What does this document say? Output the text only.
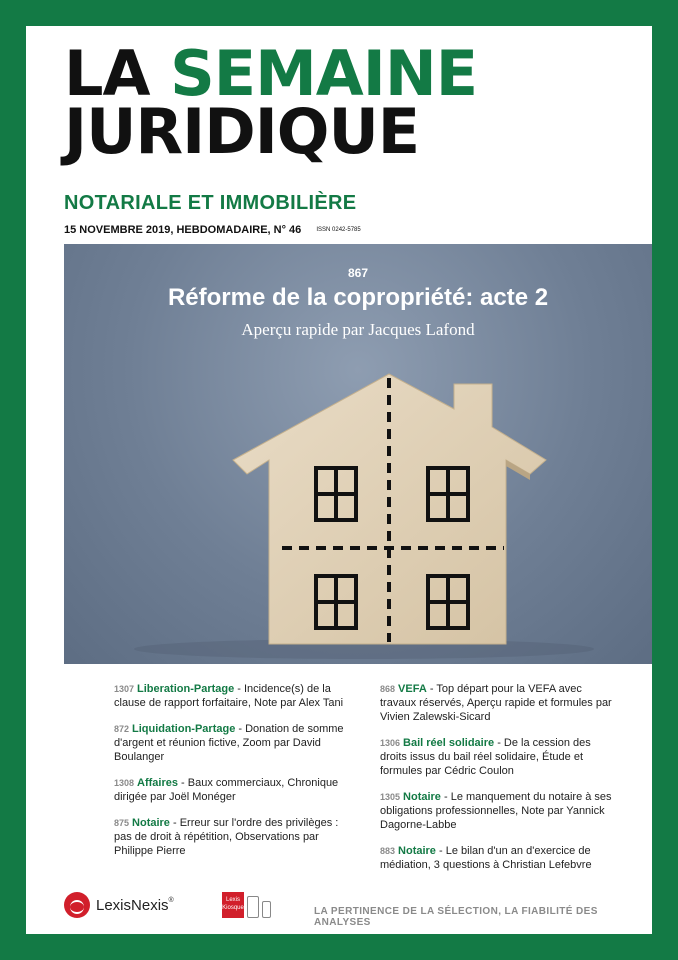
LA SEMAINE
JURIDIQUE
NOTARIALE ET IMMOBILIÈRE
15 NOVEMBRE 2019, HEBDOMADAIRE, N° 46	ISSN 0242-5785
867
Réforme de la copropriété: acte 2
Aperçu rapide par Jacques Lafond
1307 Liberation-Partage - Incidence(s) de la clause de rapport forfaitaire, Note par Alex Tani
872 Liquidation-Partage - Donation de somme d'argent et réunion fictive, Zoom par David Boulanger
1308 Affaires - Baux commerciaux, Chronique dirigée par Joël Monéger
875 Notaire - Erreur sur l'ordre des privilèges : pas de droit à répétition, Observations par Philippe Pierre
868 VEFA - Top départ pour la VEFA avec travaux réservés, Aperçu rapide et formules par Vivien Zalewski-Sicard
1306 Bail réel solidaire - De la cession des droits issus du bail réel solidaire, Étude et formules par Cédric Coulon
1305 Notaire - Le manquement du notaire à ses obligations professionnelles, Note par Yannick Dagorne-Labbe
883 Notaire - Le bilan d'un an d'exercice de médiation, 3 questions à Christian Lefebvre
LexisNexis®	Lexis
Kiosque	LA PERTINENCE DE LA SÉLECTION, LA FIABILITÉ DES ANALYSES
